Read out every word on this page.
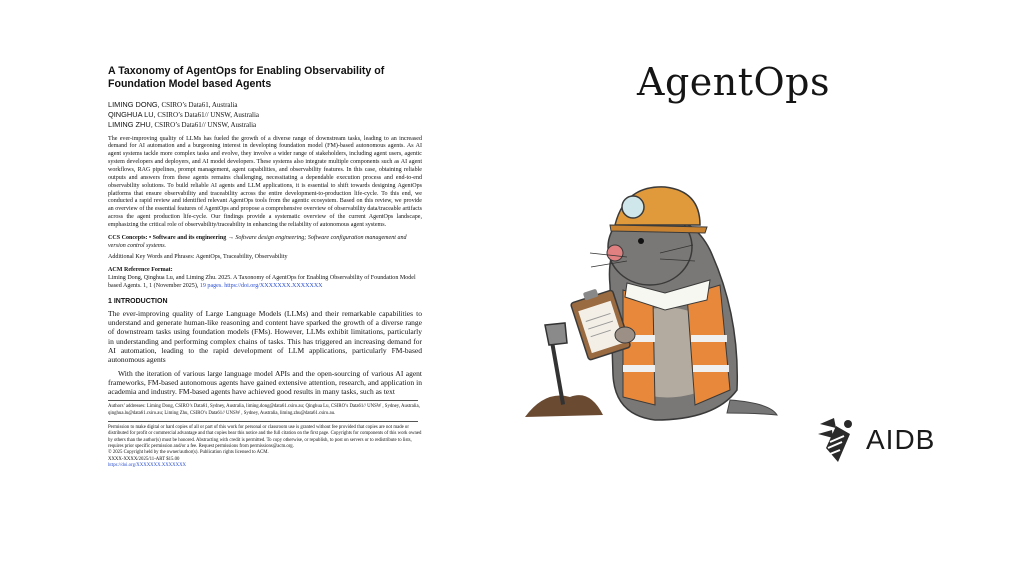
A Taxonomy of AgentOps for Enabling Observability of Foundation Model based Agents
LIMING DONG, CSIRO’s Data61, Australia
QINGHUA LU, CSIRO’s Data61// UNSW, Australia
LIMING ZHU, CSIRO’s Data61// UNSW, Australia
The ever-improving quality of LLMs has fueled the growth of a diverse range of downstream tasks, leading to an increased demand for AI automation and a burgeoning interest in developing foundation model (FM)-based autonomous agents. As AI agent systems tackle more complex tasks and evolve, they involve a wider range of stakeholders, including agent users, agentic system developers and deployers, and AI model developers. These systems also integrate multiple components such as AI agent workflows, RAG pipelines, prompt management, agent capabilities, and observability features. In this case, obtaining reliable outputs and answers from these agents remains challenging, necessitating a dependable execution process and end-to-end observability solutions. To build reliable AI agents and LLM applications, it is essential to shift towards designing AgentOps platforms that ensure observability and traceability across the entire development-to-production life-cycle. To this end, we conducted a rapid review and identified relevant AgentOps tools from the agentic ecosystem. Based on this review, we provide an overview of the essential features of AgentOps and propose a comprehensive overview of observability data/traceable artifacts across the agent production life-cycle. Our findings provide a systematic overview of the current AgentOps landscape, emphasizing the critical role of observability/traceability in enhancing the reliability of autonomous agent systems.
CCS Concepts: • Software and its engineering → Software design engineering; Software configuration management and version control systems.
Additional Key Words and Phrases: AgentOps, Traceability, Observability
ACM Reference Format:
Liming Dong, Qinghua Lu, and Liming Zhu. 2025. A Taxonomy of AgentOps for Enabling Observability of Foundation Model based Agents. 1, 1 (November 2025), 19 pages. https://doi.org/XXXXXXX.XXXXXXX
1 INTRODUCTION
The ever-improving quality of Large Language Models (LLMs) and their remarkable capabilities to understand and generate human-like reasoning and content have sparked the growth of a diverse range of downstream tasks using foundation models (FMs). However, LLMs exhibit limitations, particularly in understanding and performing complex chains of tasks. This has triggered an increasing demand for AI automation, leading to the rapid development of LLM applications, particularly FM-based autonomous agents
With the iteration of various large language model APIs and the open-sourcing of various AI agent frameworks, FM-based autonomous agents have gained extensive attention, research, and application in academia and industry. FM-based agents have achieved good results in many tasks, such as text
Authors’ addresses: Liming Dong, CSIRO’s Data61, Sydney, Australia, liming.dong@data61.csiro.au; Qinghua Lu, CSIRO’s Data61// UNSW , Sydney, Australia, qinghua.lu@data61.csiro.au; Liming Zhu, CSIRO’s Data61// UNSW , Sydney, Australia, liming.zhu@data61.csiro.au.
Permission to make digital or hard copies of all or part of this work for personal or classroom use is granted without fee provided that copies are not made or distributed for profit or commercial advantage and that copies bear this notice and the full citation on the first page. Copyrights for components of this work owned by others than the author(s) must be honored. Abstracting with credit is permitted. To copy otherwise, or republish, to post on servers or to redistribute to lists, requires prior specific permission and/or a fee. Request permissions from permissions@acm.org.
© 2025 Copyright held by the owner/author(s). Publication rights licensed to ACM.
XXXX-XXXX/2025/11-ART $15.00
https://doi.org/XXXXXXX.XXXXXXX
AgentOps
AIDB
